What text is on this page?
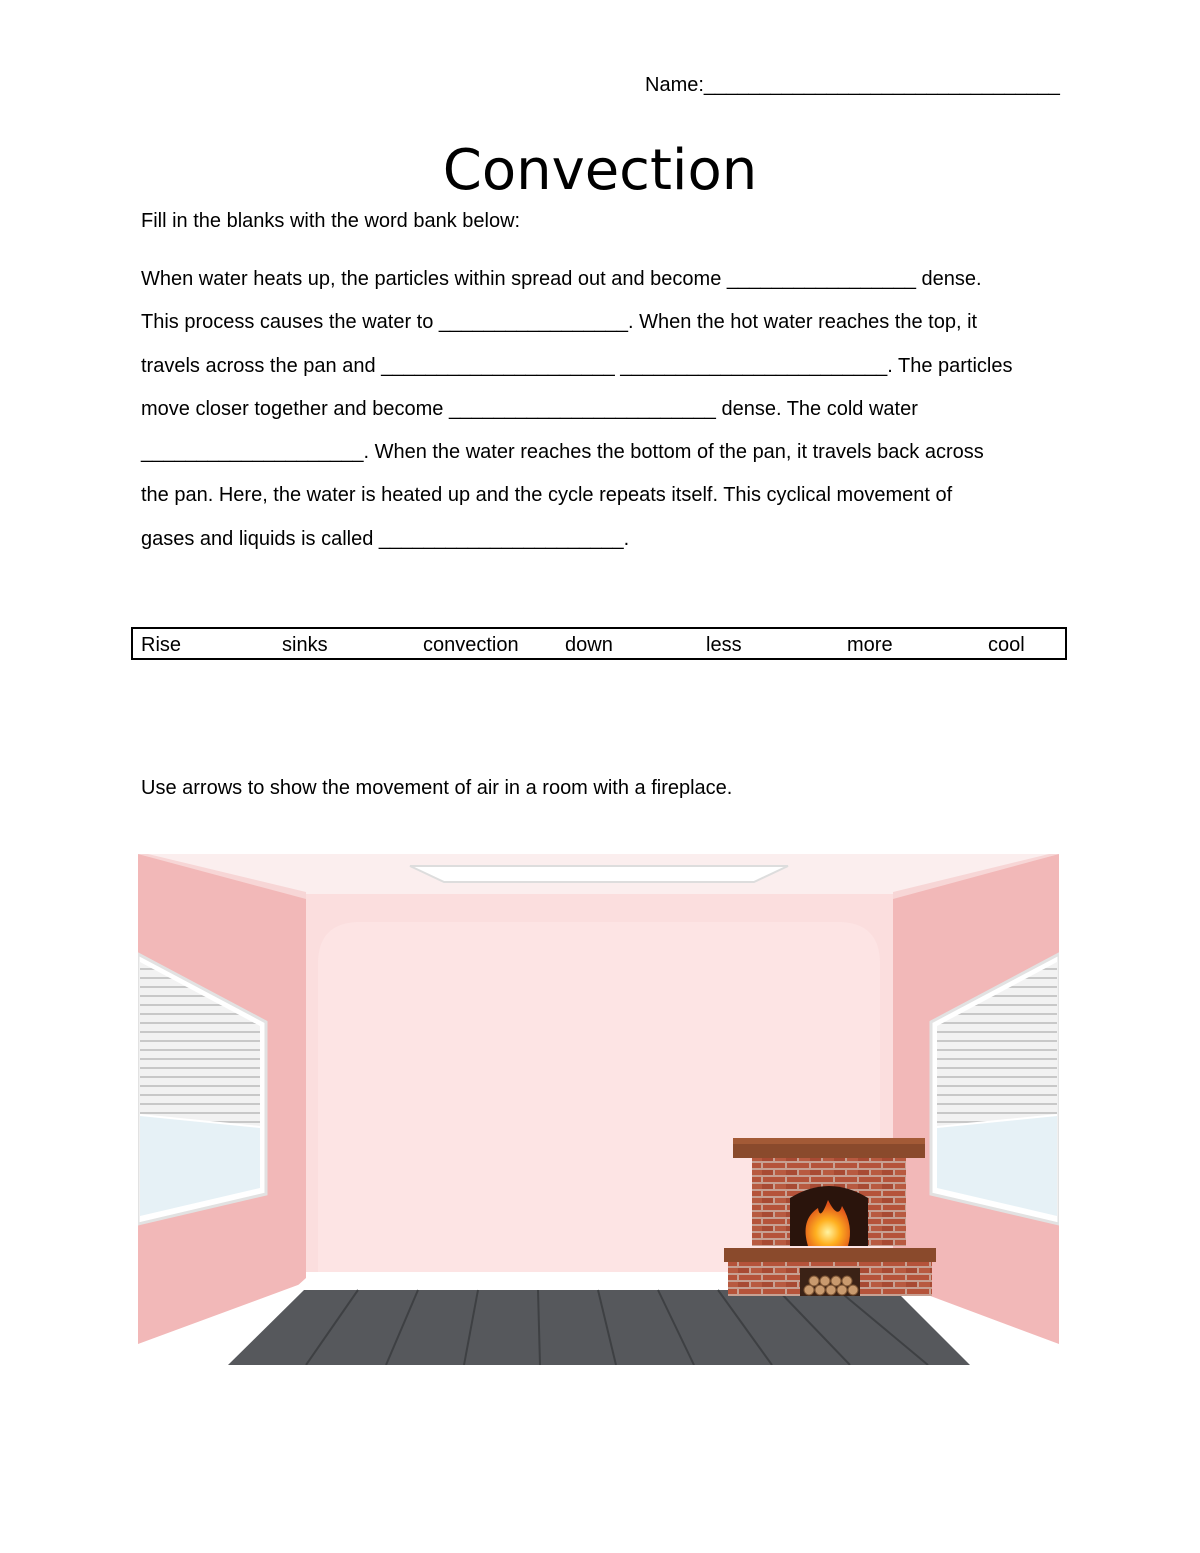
Name:________________________________
Convection
Fill in the blanks with the word bank below:
When water heats up, the particles within spread out and become _________________ dense.
This process causes the water to _________________. When the hot water reaches the top, it
travels across the pan and _____________________ ________________________. The particles
move closer together and become ________________________ dense. The cold water
____________________. When the water reaches the bottom of the pan, it travels back across
the pan. Here, the water is heated up and the cycle repeats itself. This cyclical movement of
gases and liquids is called ______________________.
Rise	sinks	convection down	less	more	cool
Use arrows to show the movement of air in a room with a fireplace.
